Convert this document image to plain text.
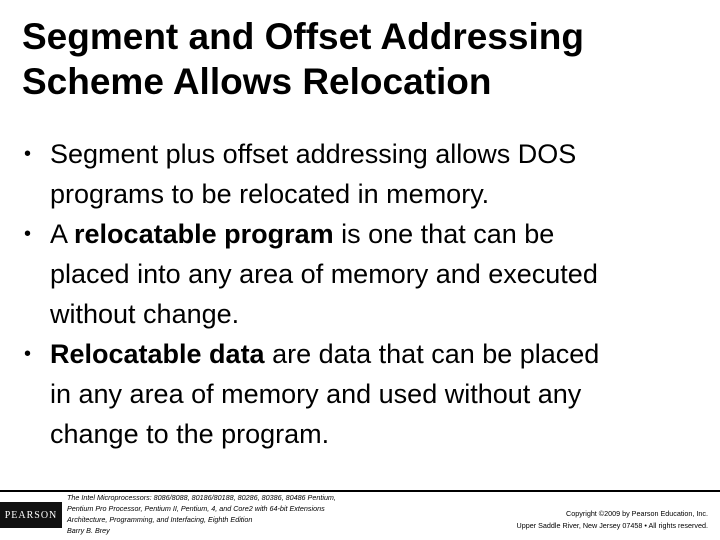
Segment and Offset Addressing
Scheme Allows Relocation
• Segment plus offset addressing allows DOS
programs to be relocated in memory.
• A relocatable program is one that can be
placed into any area of memory and executed
without change.
• Relocatable data are data that can be placed
in any area of memory and used without any
change to the program.
PEARSON
The Intel Microprocessors: 8086/8088, 80186/80188, 80286, 80386, 80486 Pentium,
Pentium Pro Processor, Pentium II, Pentium, 4, and Core2 with 64-bit Extensions
Architecture, Programming, and Interfacing, Eighth Edition
Barry B. Brey
Copyright ©2009 by Pearson Education, Inc.
Upper Saddle River, New Jersey 07458 • All rights reserved.
